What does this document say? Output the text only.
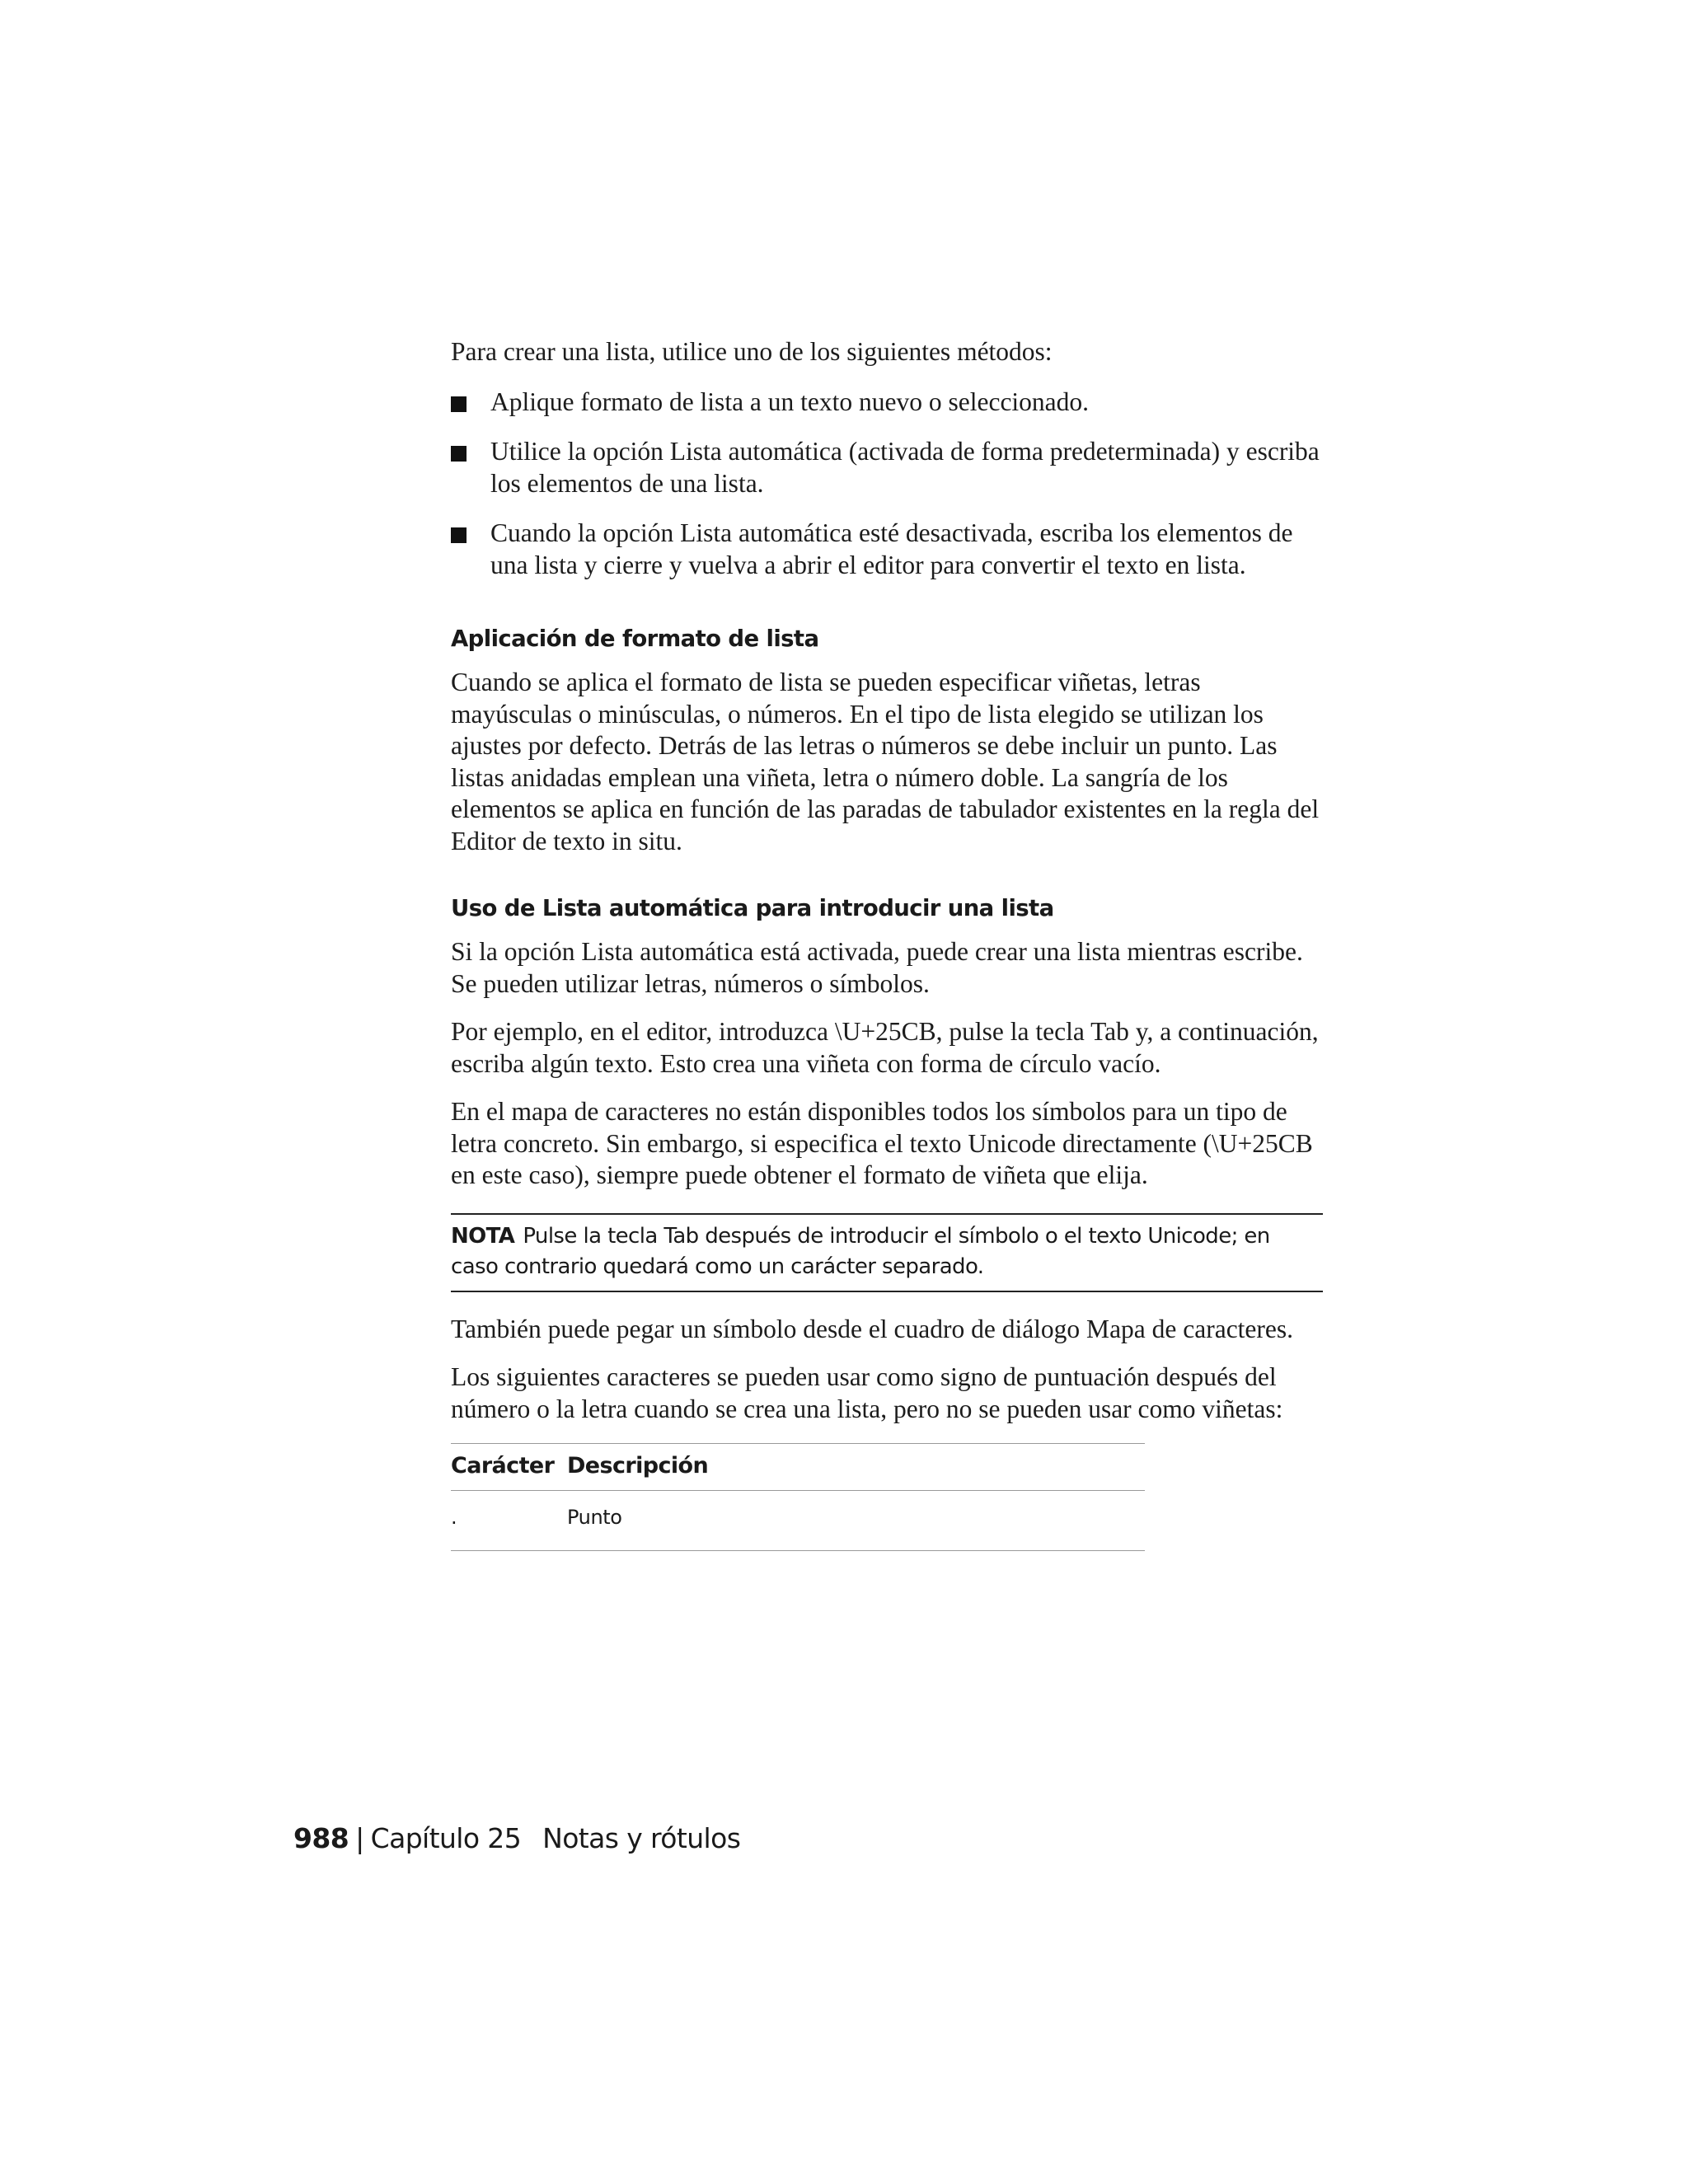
Para crear una lista, utilice uno de los siguientes métodos:

Aplique formato de lista a un texto nuevo o seleccionado.
Utilice la opción Lista automática (activada de forma predeterminada) y escriba los elementos de una lista.
Cuando la opción Lista automática esté desactivada, escriba los elementos de una lista y cierre y vuelva a abrir el editor para convertir el texto en lista.
Aplicación de formato de lista

Cuando se aplica el formato de lista se pueden especificar viñetas, letras mayúsculas o minúsculas, o números. En el tipo de lista elegido se utilizan los ajustes por defecto. Detrás de las letras o números se debe incluir un punto. Las listas anidadas emplean una viñeta, letra o número doble. La sangría de los elementos se aplica en función de las paradas de tabulador existentes en la regla del Editor de texto in situ.

Uso de Lista automática para introducir una lista

Si la opción Lista automática está activada, puede crear una lista mientras escribe. Se pueden utilizar letras, números o símbolos.

Por ejemplo, en el editor, introduzca \U+25CB, pulse la tecla Tab y, a continuación, escriba algún texto. Esto crea una viñeta con forma de círculo vacío.

En el mapa de caracteres no están disponibles todos los símbolos para un tipo de letra concreto. Sin embargo, si especifica el texto Unicode directamente (\U+25CB en este caso), siempre puede obtener el formato de viñeta que elija.

NOTA Pulse la tecla Tab después de introducir el símbolo o el texto Unicode; en caso contrario quedará como un carácter separado.

También puede pegar un símbolo desde el cuadro de diálogo Mapa de caracteres.

Los siguientes caracteres se pueden usar como signo de puntuación después del número o la letra cuando se crea una lista, pero no se pueden usar como viñetas:

Carácter	Descripción
.	Punto
988 | Capítulo 25 Notas y rótulos
